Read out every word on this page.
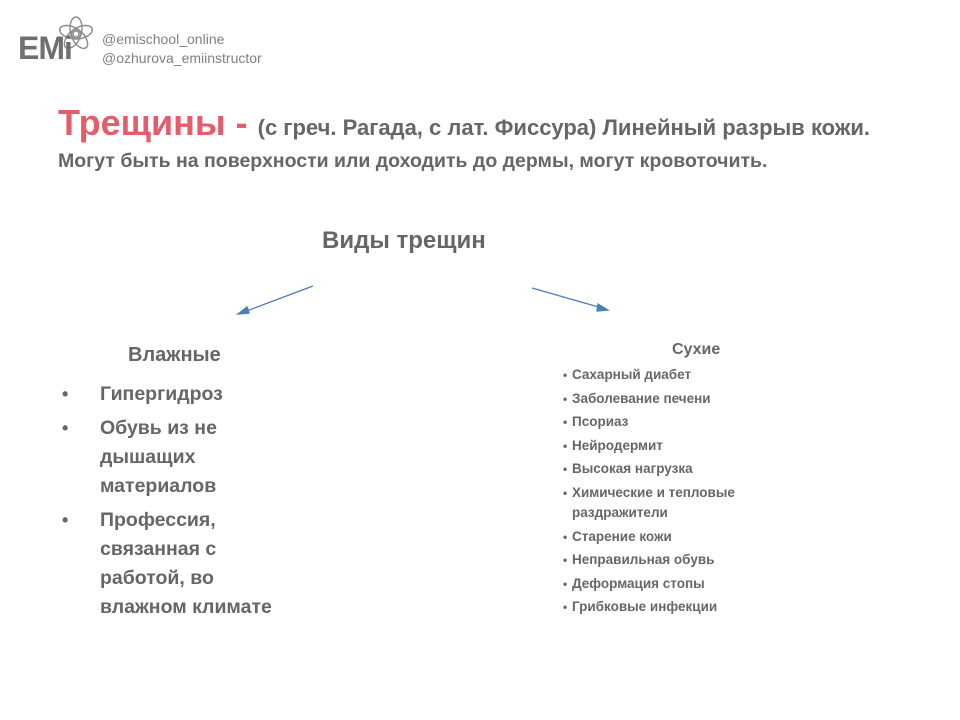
EMi @emischool_online
@ozhurova_emiinstructor
Трещины - (с греч. Рагада, с лат. Фиссура) Линейный разрыв кожи.
Могут быть на поверхности или доходить до дермы, могут кровоточить.
Виды трещин
Влажные
• Гипергидроз
• Обувь из не дышащих материалов
• Профессия, связанная с работой, во влажном климате
Сухие
• Сахарный диабет
• Заболевание печени
• Псориаз
• Нейродермит
• Высокая нагрузка
• Химические и тепловые раздражители
• Старение кожи
• Неправильная обувь
• Деформация стопы
• Грибковые инфекции
